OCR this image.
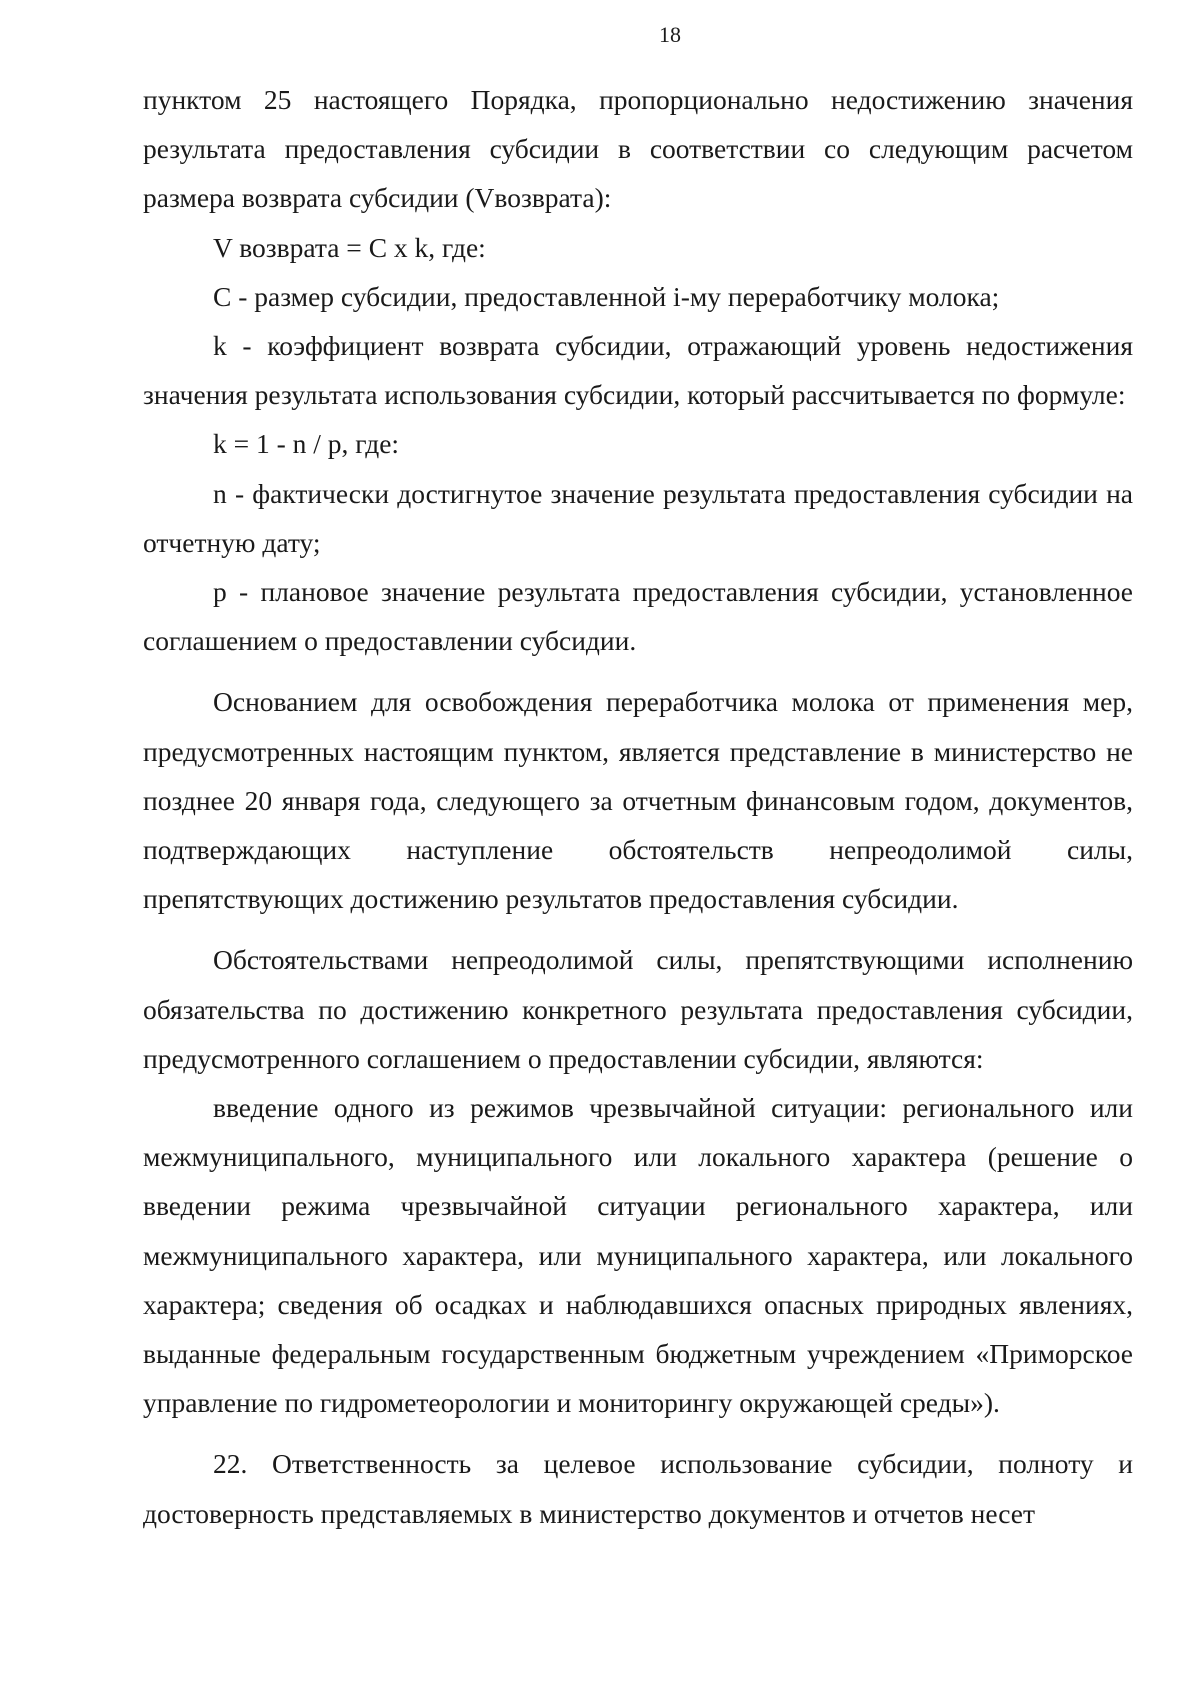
18

пунктом 25 настоящего Порядка, пропорционально недостижению значения результата предоставления субсидии в соответствии со следующим расчетом размера возврата субсидии (Vвозврата):

V возврата = C x k, где:

C - размер субсидии, предоставленной i-му переработчику молока;

k - коэффициент возврата субсидии, отражающий уровень недостижения значения результата использования субсидии, который рассчитывается по формуле:

k = 1 - n / p, где:

n - фактически достигнутое значение результата предоставления субсидии на отчетную дату;

p - плановое значение результата предоставления субсидии, установленное соглашением о предоставлении субсидии.

Основанием для освобождения переработчика молока от применения мер, предусмотренных настоящим пунктом, является представление в министерство не позднее 20 января года, следующего за отчетным финансовым годом, документов, подтверждающих наступление обстоятельств непреодолимой силы, препятствующих достижению результатов предоставления субсидии.

Обстоятельствами непреодолимой силы, препятствующими исполнению обязательства по достижению конкретного результата предоставления субсидии, предусмотренного соглашением о предоставлении субсидии, являются:

введение одного из режимов чрезвычайной ситуации: регионального или межмуниципального, муниципального или локального характера (решение о введении режима чрезвычайной ситуации регионального характера, или межмуниципального характера, или муниципального характера, или локального характера; сведения об осадках и наблюдавшихся опасных природных явлениях, выданные федеральным государственным бюджетным учреждением «Приморское управление по гидрометеорологии и мониторингу окружающей среды»).

22. Ответственность за целевое использование субсидии, полноту и достоверность представляемых в министерство документов и отчетов несет
